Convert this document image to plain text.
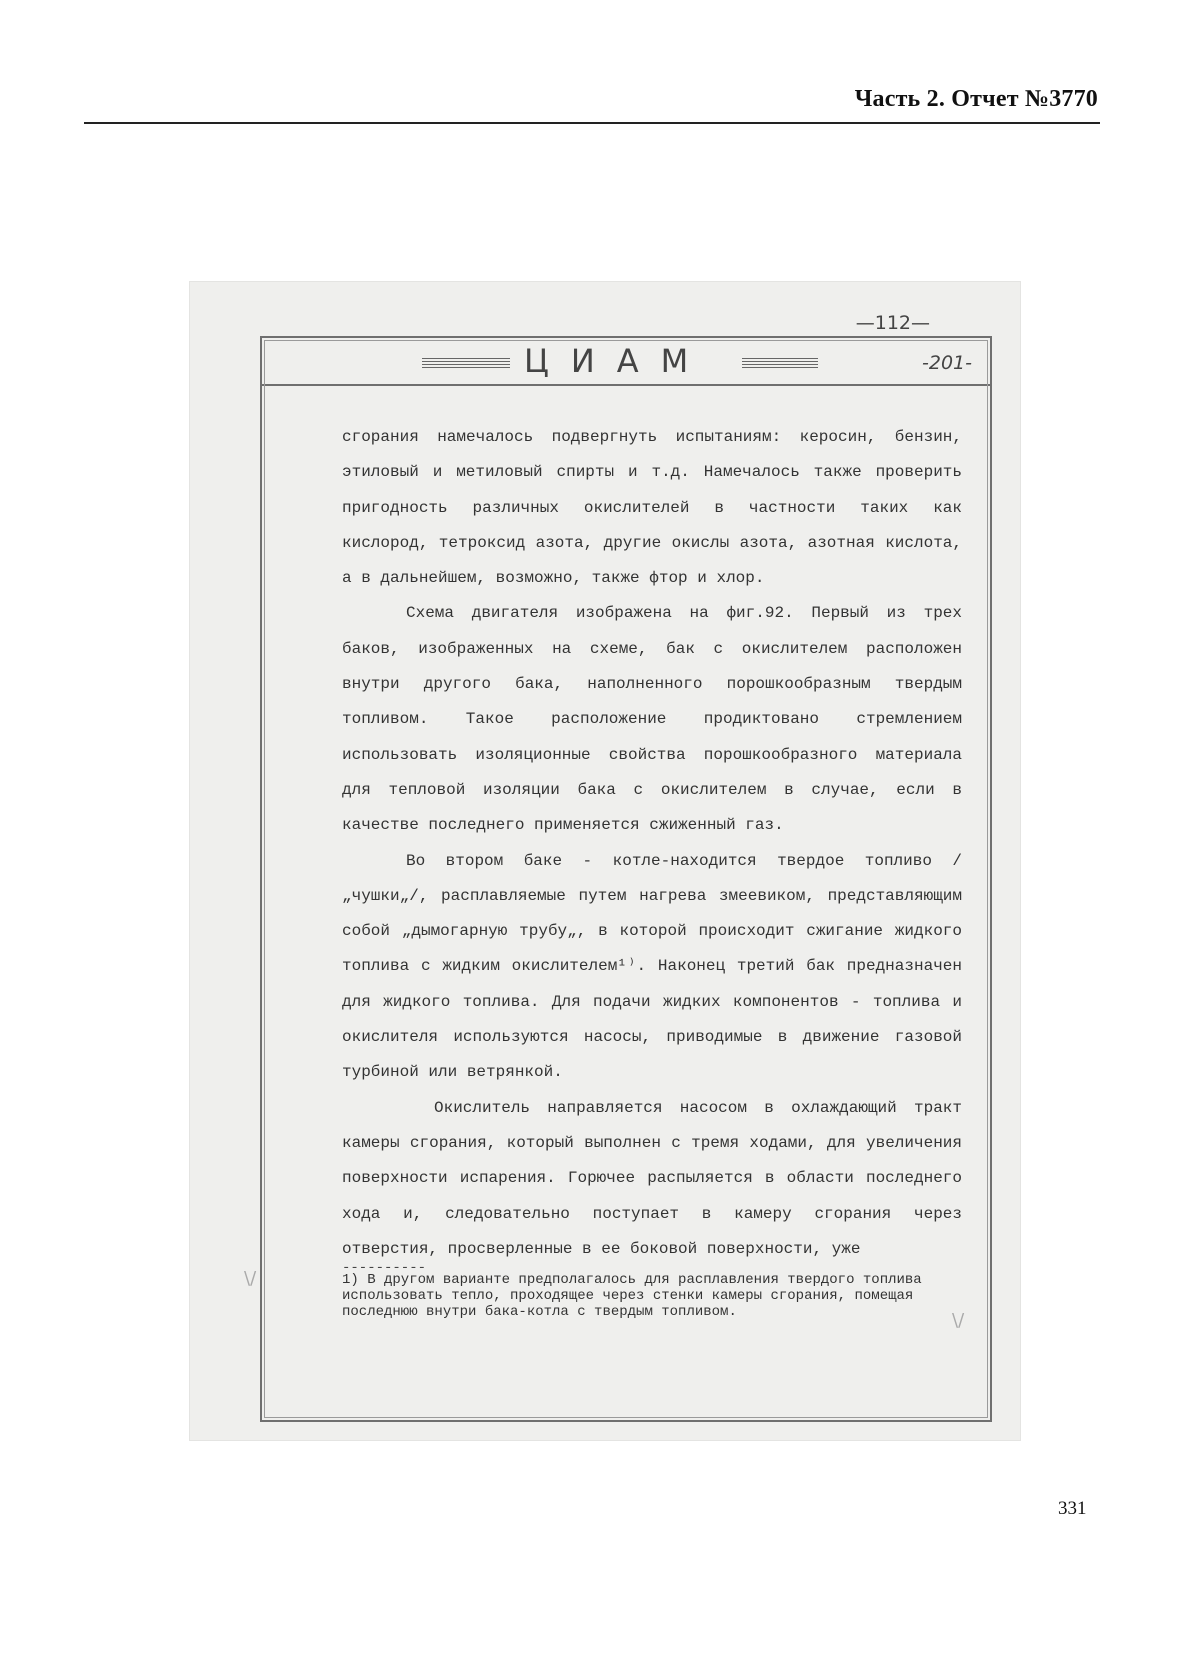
Часть 2. Отчет №3770
—112—
ЦИАМ	-201-

сгорания намечалось подвергнуть испытаниям: керосин, бензин, этиловый и метиловый спирты и т.д. Намечалось также проверить пригодность различных окислителей в частности таких как кислород, тетроксид азота, другие окислы азота, азотная кислота, а в дальнейшем, возможно, также фтор и хлор.

Схема двигателя изображена на фиг.92. Первый из трех баков, изображенных на схеме, бак с окислителем расположен внутри другого бака, наполненного порошкообразным твердым топливом. Такое расположение продиктовано стремлением использовать изоляционные свойства порошкообразного материала для тепловой изоляции бака с окислителем в случае, если в качестве последнего применяется сжиженный газ.

Во втором баке - котле-находится твердое топливо /„чушки„/, расплавляемые путем нагрева змеевиком, представляющим собой „дымогарную трубу„, в которой происходит сжигание жидкого топлива с жидким окислителем¹⁾. Наконец третий бак предназначен для жидкого топлива. Для подачи жидких компонентов - топлива и окислителя используются насосы, приводимые в движение газовой турбиной или ветрянкой.

Окислитель направляется насосом в охлаждающий тракт камеры сгорания, который выполнен с тремя ходами, для увеличения поверхности испарения. Горючее распыляется в области последнего хода и, следовательно поступает в камеру сгорания через отверстия, просверленные в ее боковой поверхности, уже

----------
1) В другом варианте предполагалось для расплавления твердого топлива использовать тепло, проходящее через стенки камеры сгорания, помещая последнюю внутри бака-котла с твердым топливом.
\/
\/
331
